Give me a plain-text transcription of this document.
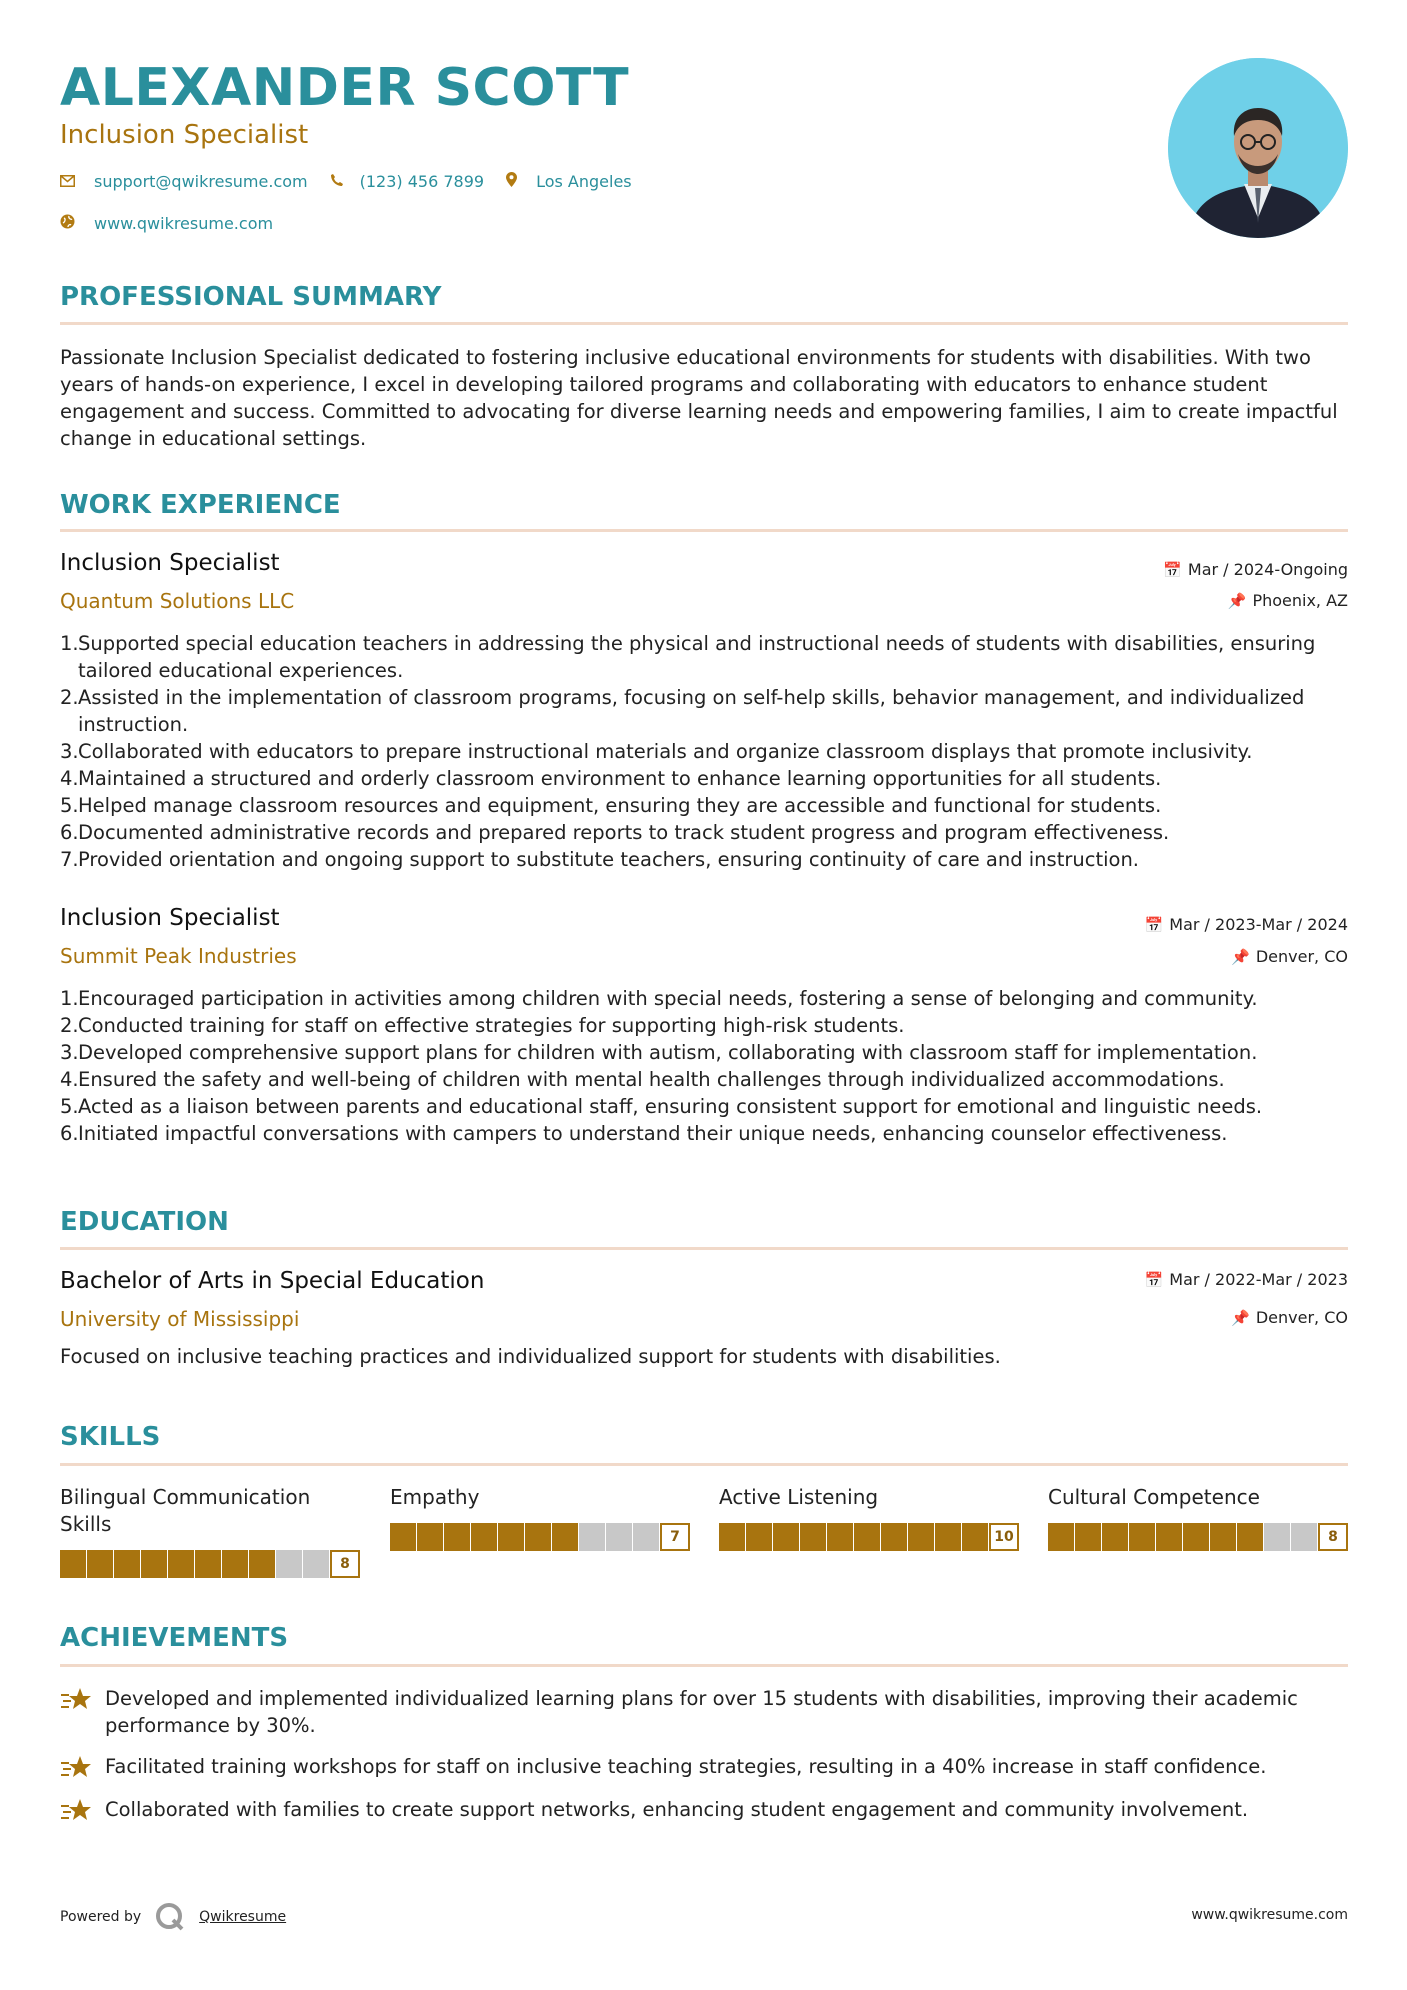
ALEXANDER SCOTT
Inclusion Specialist
support@qwikresume.com	(123) 456 7899	Los Angeles
www.qwikresume.com
PROFESSIONAL SUMMARY
Passionate Inclusion Specialist dedicated to fostering inclusive educational environments for students with disabilities. With two years of hands-on experience, I excel in developing tailored programs and collaborating with educators to enhance student engagement and success. Committed to advocating for diverse learning needs and empowering families, I aim to create impactful change in educational settings.
WORK EXPERIENCE
Inclusion Specialist
Quantum Solutions LLC
📅 Mar / 2024-Ongoing
📌 Phoenix, AZ
1. Supported special education teachers in addressing the physical and instructional needs of students with disabilities, ensuring tailored educational experiences.
2. Assisted in the implementation of classroom programs, focusing on self-help skills, behavior management, and individualized instruction.
3. Collaborated with educators to prepare instructional materials and organize classroom displays that promote inclusivity.
4. Maintained a structured and orderly classroom environment to enhance learning opportunities for all students.
5. Helped manage classroom resources and equipment, ensuring they are accessible and functional for students.
6. Documented administrative records and prepared reports to track student progress and program effectiveness.
7. Provided orientation and ongoing support to substitute teachers, ensuring continuity of care and instruction.
Inclusion Specialist
Summit Peak Industries
📅 Mar / 2023-Mar / 2024
📌 Denver, CO
1. Encouraged participation in activities among children with special needs, fostering a sense of belonging and community.
2. Conducted training for staff on effective strategies for supporting high-risk students.
3. Developed comprehensive support plans for children with autism, collaborating with classroom staff for implementation.
4. Ensured the safety and well-being of children with mental health challenges through individualized accommodations.
5. Acted as a liaison between parents and educational staff, ensuring consistent support for emotional and linguistic needs.
6. Initiated impactful conversations with campers to understand their unique needs, enhancing counselor effectiveness.
EDUCATION
Bachelor of Arts in Special Education
University of Mississippi
📅 Mar / 2022-Mar / 2023
📌 Denver, CO
Focused on inclusive teaching practices and individualized support for students with disabilities.
SKILLS
Bilingual Communication Skills
8
Empathy
7
Active Listening
10
Cultural Competence
8
ACHIEVEMENTS
Developed and implemented individualized learning plans for over 15 students with disabilities, improving their academic performance by 30%.
Facilitated training workshops for staff on inclusive teaching strategies, resulting in a 40% increase in staff confidence.
Collaborated with families to create support networks, enhancing student engagement and community involvement.
Powered by	Qwikresume	www.qwikresume.com
